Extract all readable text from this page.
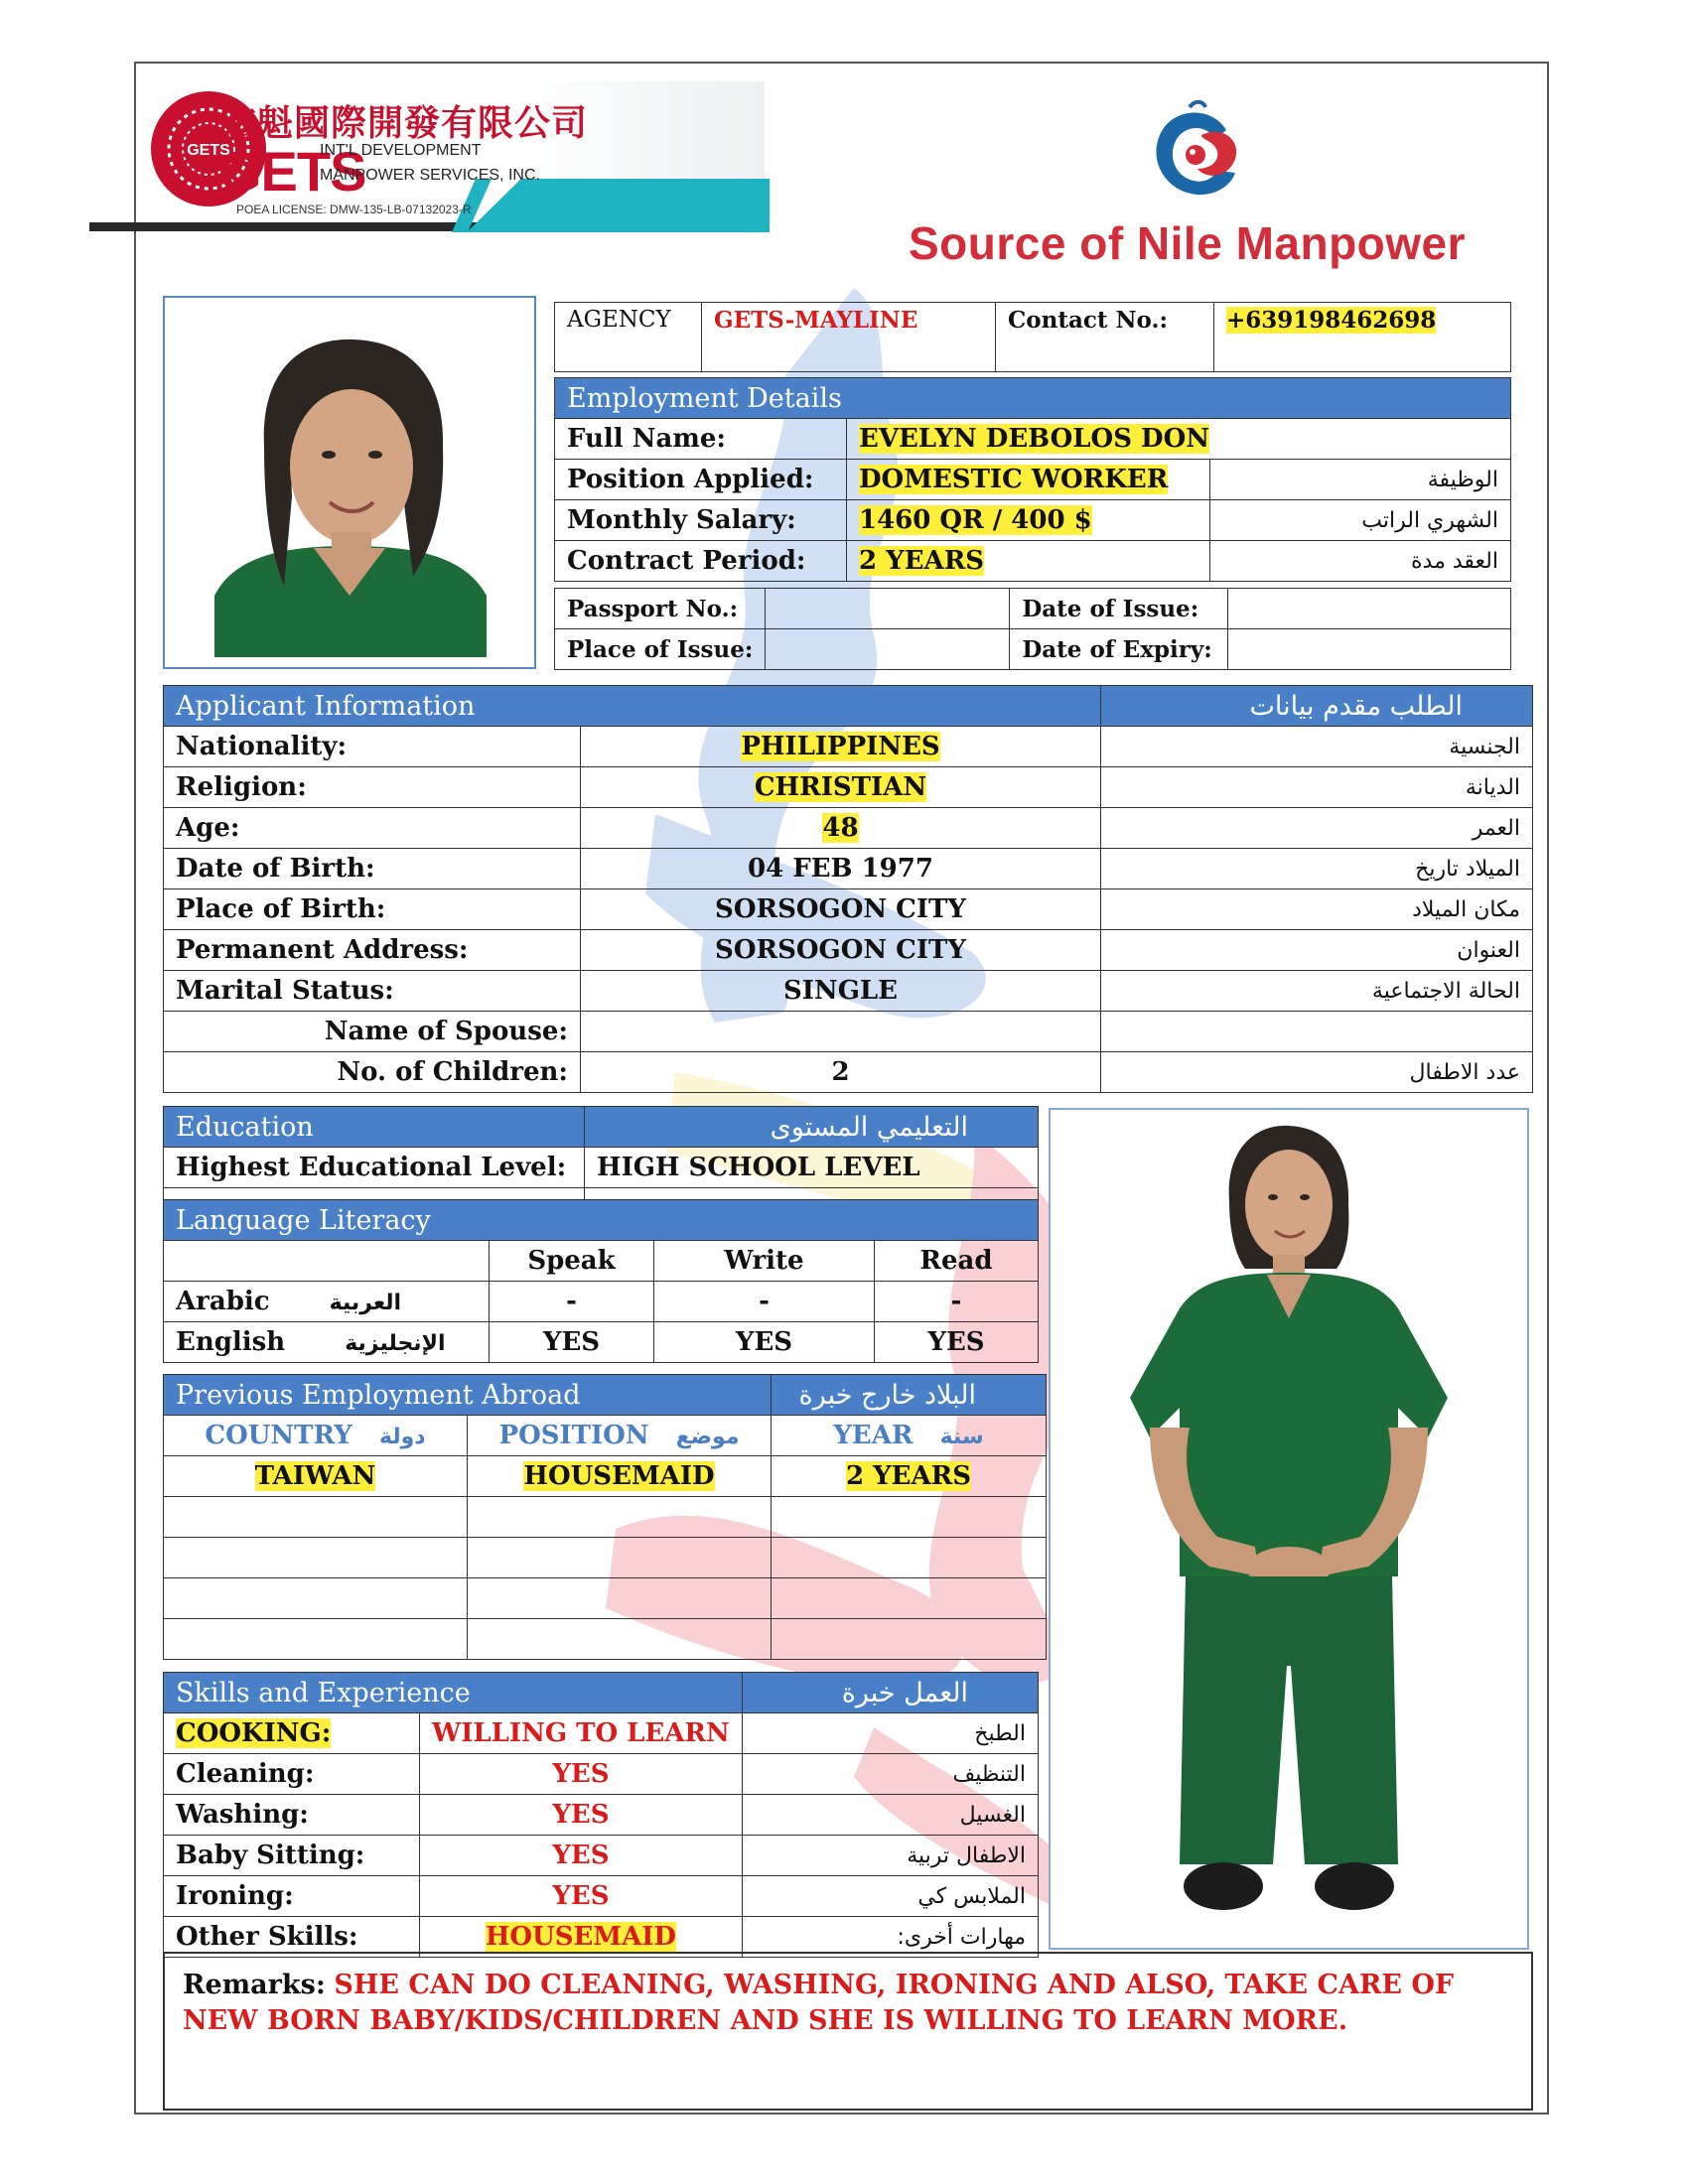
GETS
宏魁國際開發有限公司
GETS
INT'L DEVELOPMENT
MANPOWER SERVICES, INC.
POEA LICENSE: DMW-135-LB-07132023-R
Source of Nile Manpower
AGENCY	GETS-MAYLINE	Contact No.:	+639198462698
Employment Details		
Full Name:	EVELYN DEBOLOS DON	
Position Applied:	DOMESTIC WORKER	الوظيفة
Monthly Salary:	1460 QR / 400 $	الشهري الراتب
Contract Period:	2 YEARS	العقد مدة
Passport No.:		Date of Issue:	
Place of Issue:		Date of Expiry:	
Applicant Information		الطلب مقدم بيانات
Nationality:	PHILIPPINES	الجنسية
Religion:	CHRISTIAN	الديانة
Age:	48	العمر
Date of Birth:	04 FEB 1977	الميلاد تاريخ
Place of Birth:	SORSOGON CITY	مكان الميلاد
Permanent Address:	SORSOGON CITY	العنوان
Marital Status:	SINGLE	الحالة الاجتماعية
Name of Spouse:		
No. of Children:	2	عدد الاطفال
Education	التعليمي المستوى
Highest Educational Level:	HIGH SCHOOL LEVEL

Language Literacy			
	Speak	Write	Read
Arabic العربية	-	-	-
English الإنجليزية	YES	YES	YES
Previous Employment Abroad		البلاد خارج خبرة
COUNTRY دولة	POSITION موضع	YEAR سنة
TAIWAN	HOUSEMAID	2 YEARS

Skills and Experience		العمل خبرة
COOKING:	WILLING TO LEARN	الطبخ
Cleaning:	YES	التنظيف
Washing:	YES	الغسيل
Baby Sitting:	YES	الاطفال تربية
Ironing:	YES	الملابس كي
Other Skills:	HOUSEMAID	مهارات أخرى:
Remarks: SHE CAN DO CLEANING, WASHING, IRONING AND ALSO, TAKE CARE OF NEW BORN BABY/KIDS/CHILDREN AND SHE IS WILLING TO LEARN MORE.
